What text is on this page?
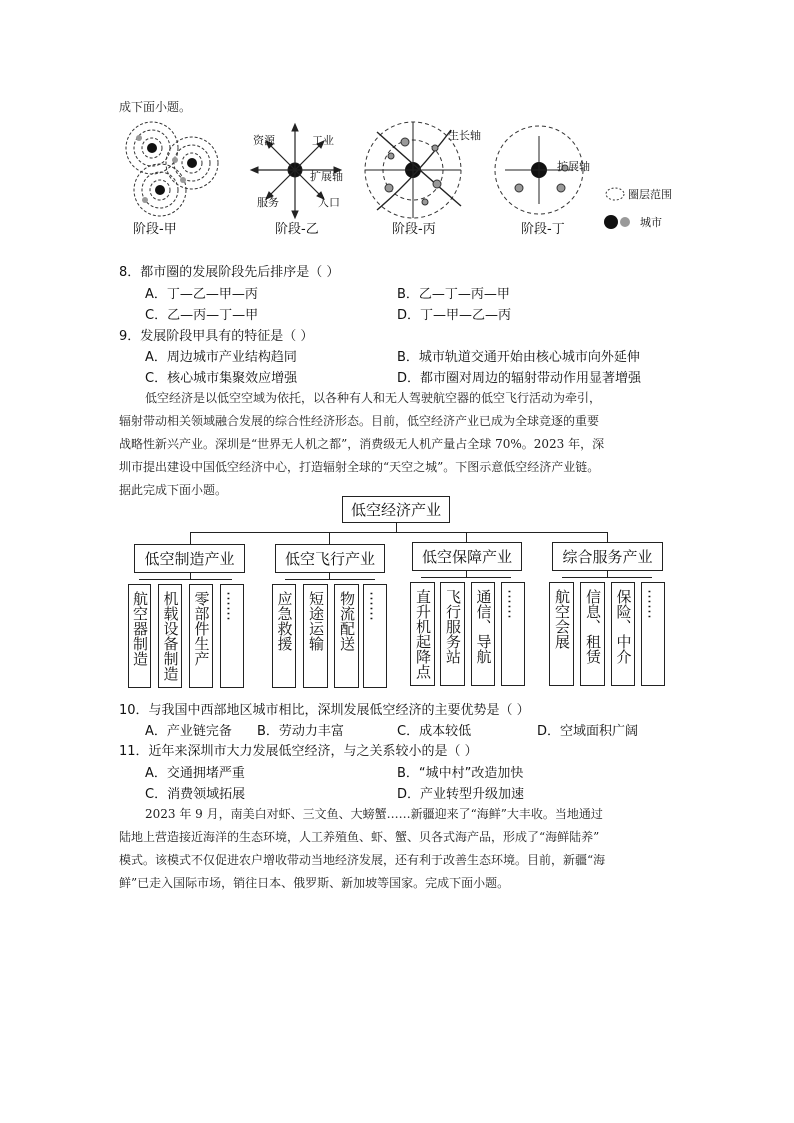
成下面小题。

资源	工业
扩展轴
服务	人口
生长轴
扩展轴
圈层范围
城市
阶段-甲	阶段-乙	阶段-丙	阶段-丁
8．都市圈的发展阶段先后排序是（ ）
A．丁—乙—甲—丙	B．乙—丁—丙—甲
C．乙—丙—丁—甲	D．丁—甲—乙—丙
9．发展阶段甲具有的特征是（ ）
A．周边城市产业结构趋同	B．城市轨道交通开始由核心城市向外延伸
C．核心城市集聚效应增强	D．都市圈对周边的辐射带动作用显著增强

低空经济是以低空空域为依托，以各种有人和无人驾驶航空器的低空飞行活动为牵引，

辐射带动相关领域融合发展的综合性经济形态。目前，低空经济产业已成为全球竞逐的重要

战略性新兴产业。深圳是“世界无人机之都”，消费级无人机产量占全球 70%。2023 年，深

圳市提出建设中国低空经济中心，打造辐射全球的“天空之城”。下图示意低空经济产业链。

据此完成下面小题。

低空经济产业
低空制造产业	低空飞行产业	低空保障产业	综合服务产业
航空器制造 机载设备制造 零部件生产 …… 应急救援 短途运输 物流配送 …… 直升机起降点 飞行服务站 通信、导航 …… 航空会展 信息、租赁 保险、中介 ……
10．与我国中西部地区城市相比，深圳发展低空经济的主要优势是（ ）
A．产业链完备 B．劳动力丰富	C．成本较低	D．空域面积广阔
11．近年来深圳市大力发展低空经济，与之关系较小的是（ ）
A．交通拥堵严重	B．“城中村”改造加快
C．消费领域拓展	D．产业转型升级加速

2023 年 9 月，南美白对虾、三文鱼、大螃蟹……新疆迎来了“海鲜”大丰收。当地通过

陆地上营造接近海洋的生态环境，人工养殖鱼、虾、蟹、贝各式海产品，形成了“海鲜陆养”

模式。该模式不仅促进农户增收带动当地经济发展，还有利于改善生态环境。目前，新疆“海

鲜”已走入国际市场，销往日本、俄罗斯、新加坡等国家。完成下面小题。
